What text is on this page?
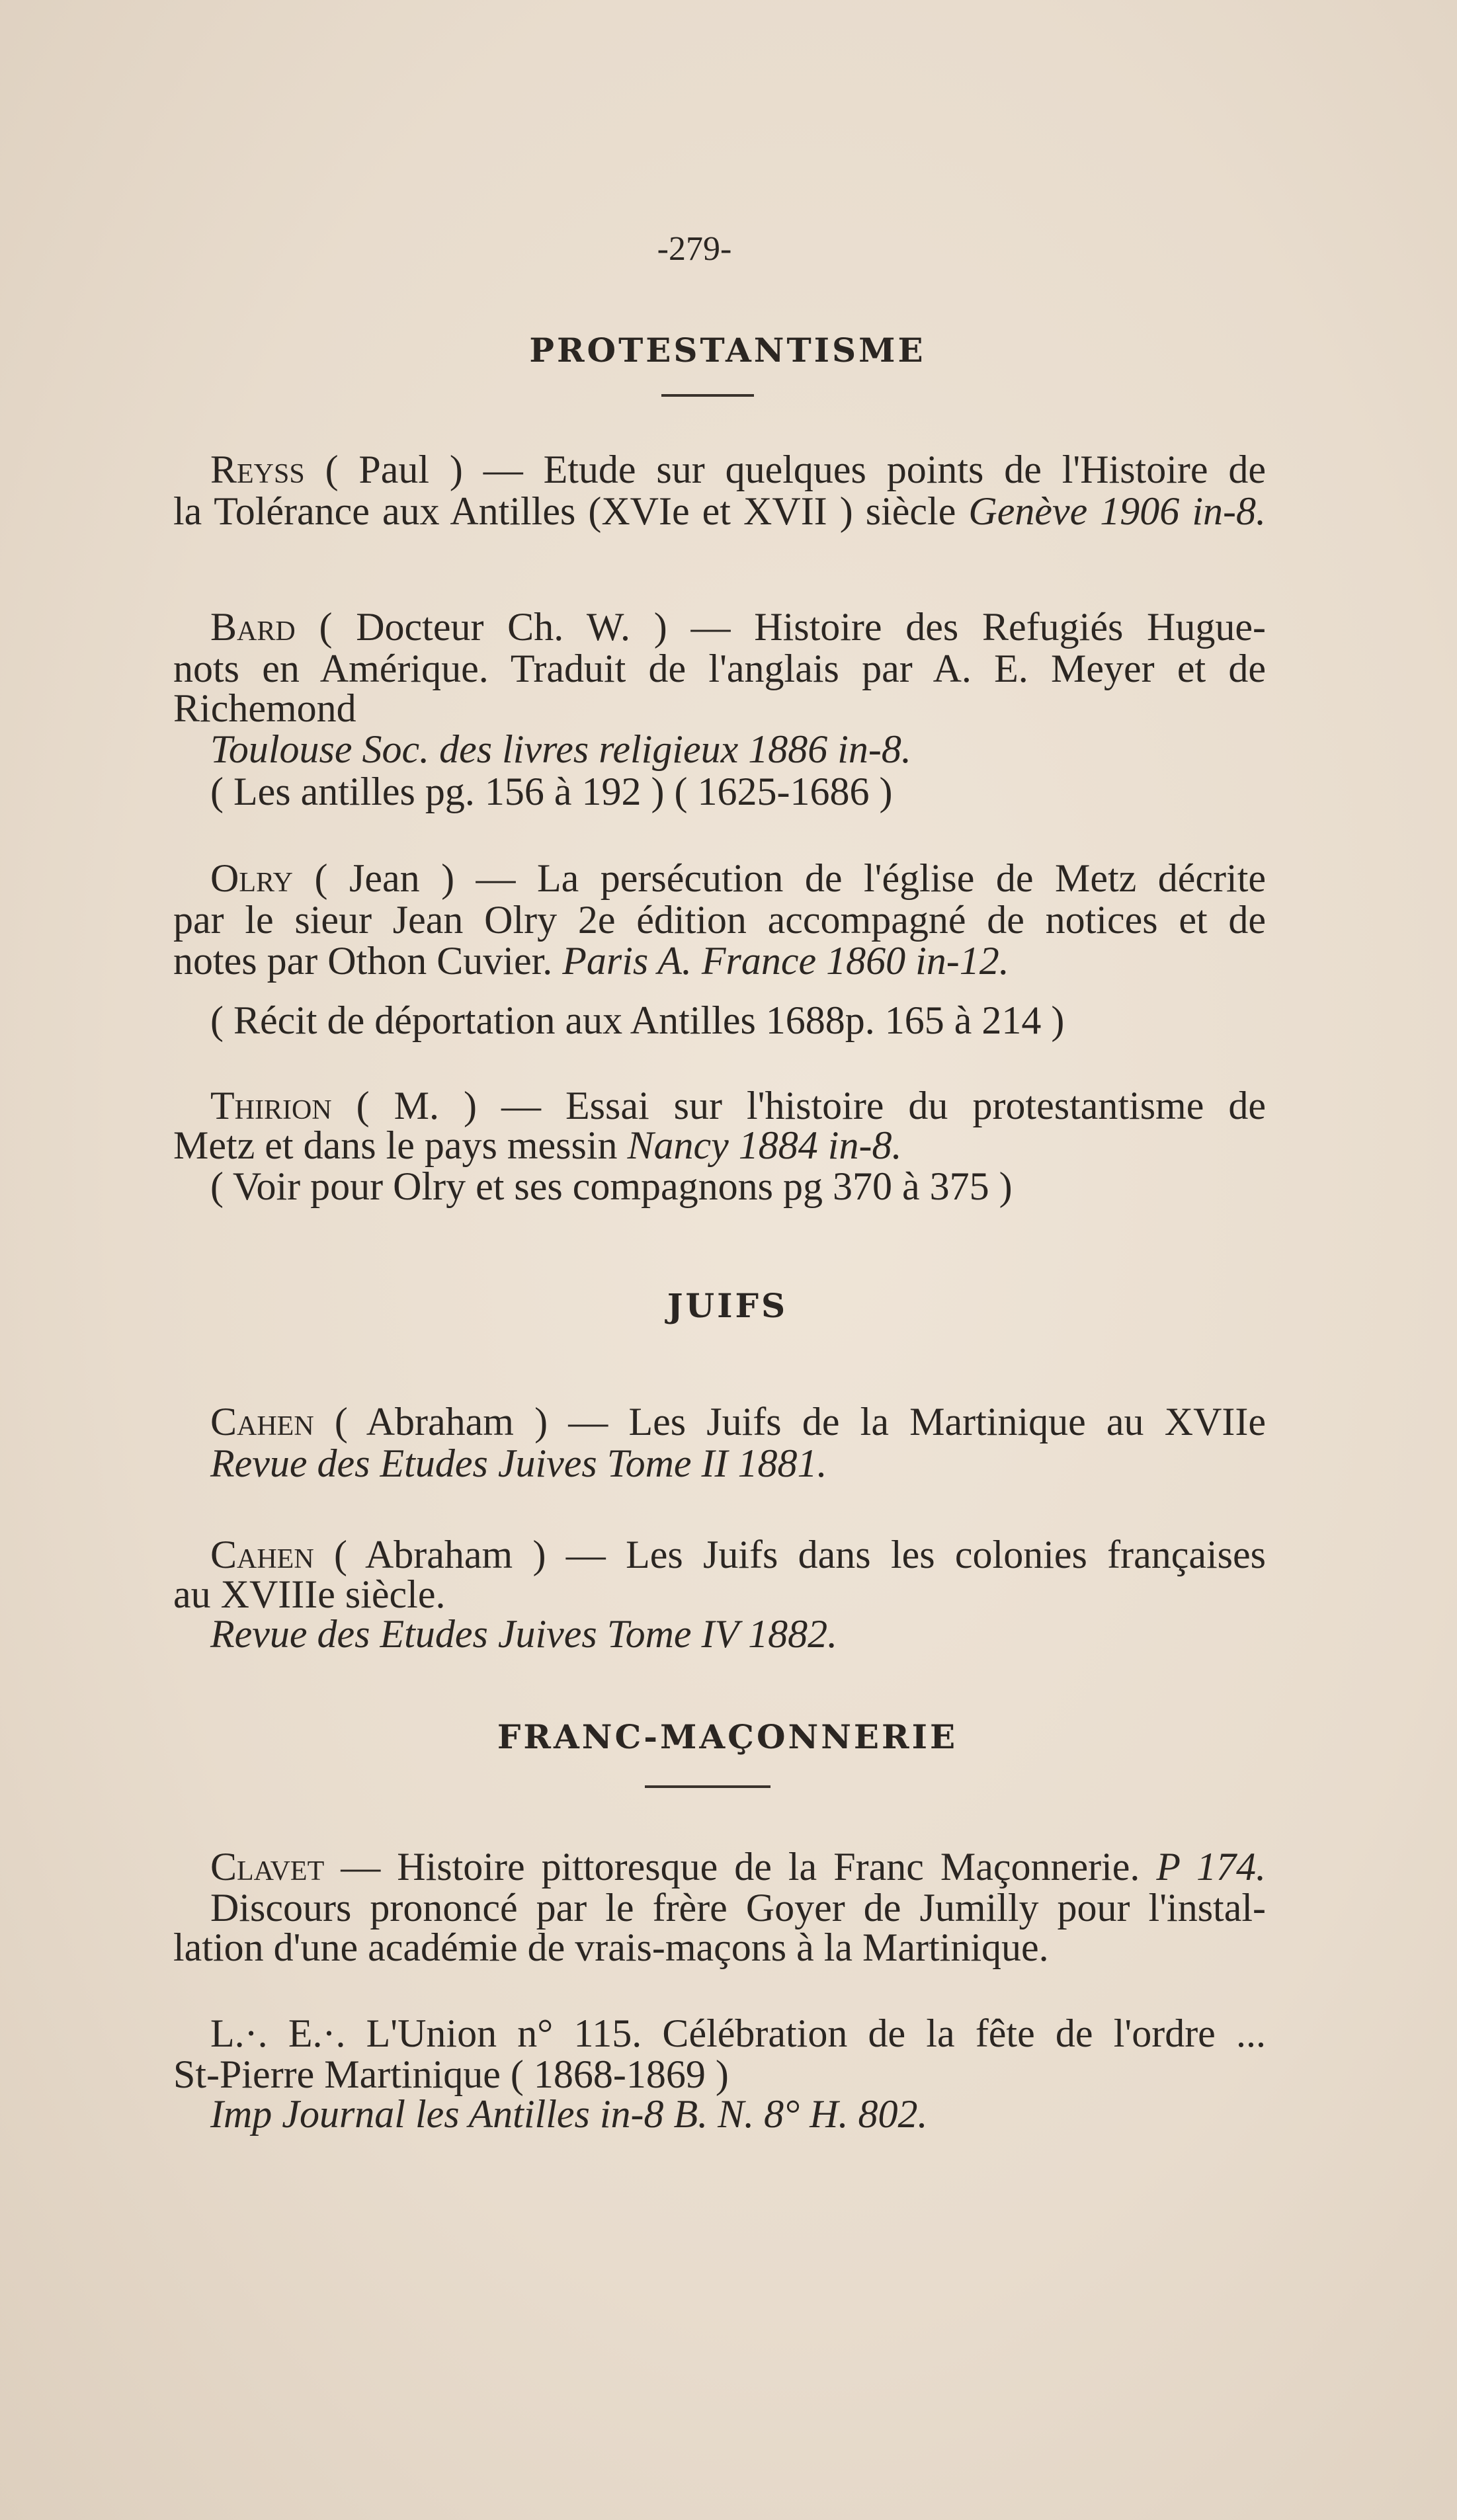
-279-
PROTESTANTISME
Reyss ( Paul ) — Etude sur quelques points de l'Histoire de
la Tolérance aux Antilles (XVIe et XVII ) siècle Genève 1906 in-8.
Bard ( Docteur Ch. W. ) — Histoire des Refugiés Hugue-
nots en Amérique. Traduit de l'anglais par A. E. Meyer et de
Richemond
Toulouse Soc. des livres religieux 1886 in-8.
( Les antilles pg. 156 à 192 ) ( 1625-1686 )
Olry ( Jean ) — La persécution de l'église de Metz décrite
par le sieur Jean Olry 2e édition accompagné de notices et de
notes par Othon Cuvier. Paris A. France 1860 in-12.
( Récit de déportation aux Antilles 1688p. 165 à 214 )
Thirion ( M. ) — Essai sur l'histoire du protestantisme de
Metz et dans le pays messin Nancy 1884 in-8.
( Voir pour Olry et ses compagnons pg 370 à 375 )
JUIFS
Cahen ( Abraham ) — Les Juifs de la Martinique au XVIIe
Revue des Etudes Juives Tome II 1881.
Cahen ( Abraham ) — Les Juifs dans les colonies françaises
au XVIIIe siècle.
Revue des Etudes Juives Tome IV 1882.
FRANC-MAÇONNERIE
Clavet — Histoire pittoresque de la Franc Maçonnerie. P 174.
Discours prononcé par le frère Goyer de Jumilly pour l'instal-
lation d'une académie de vrais-maçons à la Martinique.
L.·. E.·. L'Union n° 115. Célébration de la fête de l'ordre ...
St-Pierre Martinique ( 1868-1869 )
Imp Journal les Antilles in-8 B. N. 8° H. 802.
